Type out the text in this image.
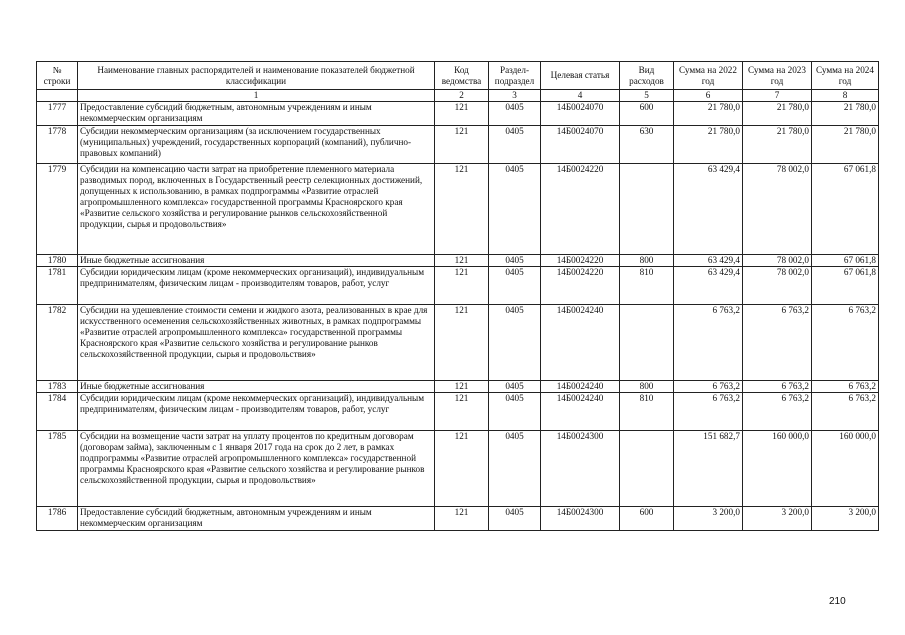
№ строки	Наименование главных распорядителей и наименование показателей бюджетной классификации	Код ведомства	Раздел-подраздел	Целевая статья	Вид расходов	Сумма на 2022 год	Сумма на 2023 год	Сумма на 2024 год
	1	2	3	4	5	6	7	8
1777	Предоставление субсидий бюджетным, автономным учреждениям и иным некоммерческим организациям	121	0405	14Б0024070	600	21 780,0	21 780,0	21 780,0
1778	Субсидии некоммерческим организациям (за исключением государственных (муниципальных) учреждений, государственных корпораций (компаний), публично-правовых компаний)	121	0405	14Б0024070	630	21 780,0	21 780,0	21 780,0
1779	Субсидии на компенсацию части затрат на приобретение племенного материала разводимых пород, включенных в Государственный реестр селекционных достижений, допущенных к использованию, в рамках подпрограммы «Развитие отраслей агропромышленного комплекса» государственной программы Красноярского края «Развитие сельского хозяйства и регулирование рынков сельскохозяйственной продукции, сырья и продовольствия»	121	0405	14Б0024220		63 429,4	78 002,0	67 061,8
1780	Иные бюджетные ассигнования	121	0405	14Б0024220	800	63 429,4	78 002,0	67 061,8
1781	Субсидии юридическим лицам (кроме некоммерческих организаций), индивидуальным предпринимателям, физическим лицам - производителям товаров, работ, услуг	121	0405	14Б0024220	810	63 429,4	78 002,0	67 061,8
1782	Субсидии на удешевление стоимости семени и жидкого азота, реализованных в крае для искусственного осеменения сельскохозяйственных животных, в рамках подпрограммы «Развитие отраслей агропромышленного комплекса» государственной программы Красноярского края «Развитие сельского хозяйства и регулирование рынков сельскохозяйственной продукции, сырья и продовольствия»	121	0405	14Б0024240		6 763,2	6 763,2	6 763,2
1783	Иные бюджетные ассигнования	121	0405	14Б0024240	800	6 763,2	6 763,2	6 763,2
1784	Субсидии юридическим лицам (кроме некоммерческих организаций), индивидуальным предпринимателям, физическим лицам - производителям товаров, работ, услуг	121	0405	14Б0024240	810	6 763,2	6 763,2	6 763,2
1785	Субсидии на возмещение части затрат на уплату процентов по кредитным договорам (договорам займа), заключенным с 1 января 2017 года на срок до 2 лет, в рамках подпрограммы «Развитие отраслей агропромышленного комплекса» государственной программы Красноярского края «Развитие сельского хозяйства и регулирование рынков сельскохозяйственной продукции, сырья и продовольствия»	121	0405	14Б0024300		151 682,7	160 000,0	160 000,0
1786	Предоставление субсидий бюджетным, автономным учреждениям и иным некоммерческим организациям	121	0405	14Б0024300	600	3 200,0	3 200,0	3 200,0
210
